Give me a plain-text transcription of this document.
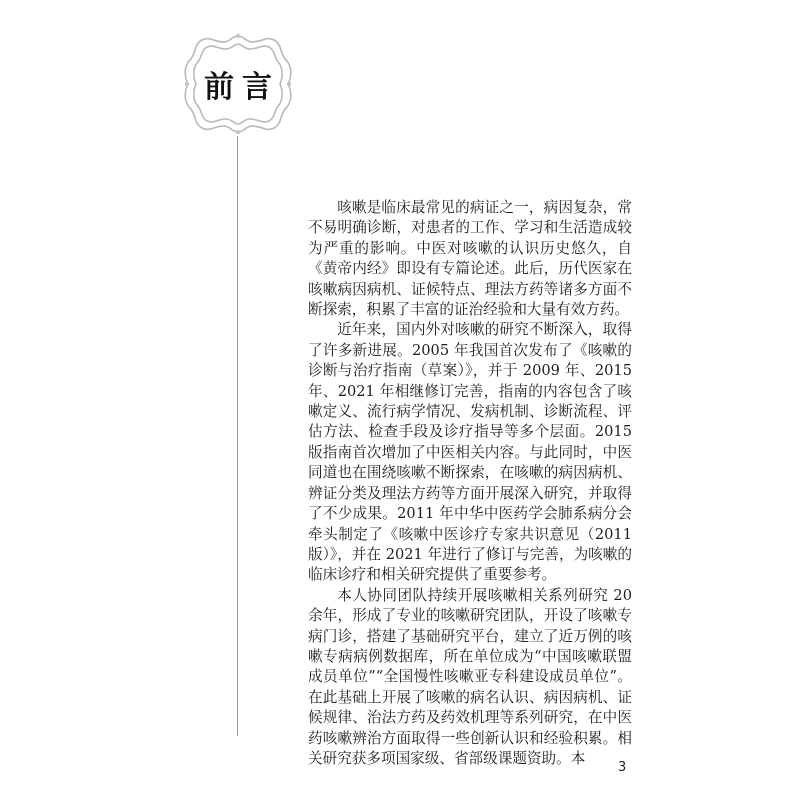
前言

咳嗽是临床最常见的病证之一，病因复杂，常不易明确诊断，对患者的工作、学习和生活造成较为严重的影响。中医对咳嗽的认识历史悠久，自《黄帝内经》即设有专篇论述。此后，历代医家在咳嗽病因病机、证候特点、理法方药等诸多方面不断探索，积累了丰富的证治经验和大量有效方药。

近年来，国内外对咳嗽的研究不断深入，取得了许多新进展。2005 年我国首次发布了《咳嗽的诊断与治疗指南（草案）》，并于 2009 年、2015 年、2021 年相继修订完善，指南的内容包含了咳嗽定义、流行病学情况、发病机制、诊断流程、评估方法、检查手段及诊疗指导等多个层面。2015 版指南首次增加了中医相关内容。与此同时，中医同道也在围绕咳嗽不断探索，在咳嗽的病因病机、辨证分类及理法方药等方面开展深入研究，并取得了不少成果。2011 年中华中医药学会肺系病分会牵头制定了《咳嗽中医诊疗专家共识意见（2011 版）》，并在 2021 年进行了修订与完善，为咳嗽的临床诊疗和相关研究提供了重要参考。

本人协同团队持续开展咳嗽相关系列研究 20 余年，形成了专业的咳嗽研究团队，开设了咳嗽专病门诊，搭建了基础研究平台，建立了近万例的咳嗽专病病例数据库，所在单位成为“中国咳嗽联盟成员单位”“全国慢性咳嗽亚专科建设成员单位”。在此基础上开展了咳嗽的病名认识、病因病机、证候规律、治法方药及药效机理等系列研究，在中医药咳嗽辨治方面取得一些创新认识和经验积累。相关研究获多项国家级、省部级课题资助。本

3
